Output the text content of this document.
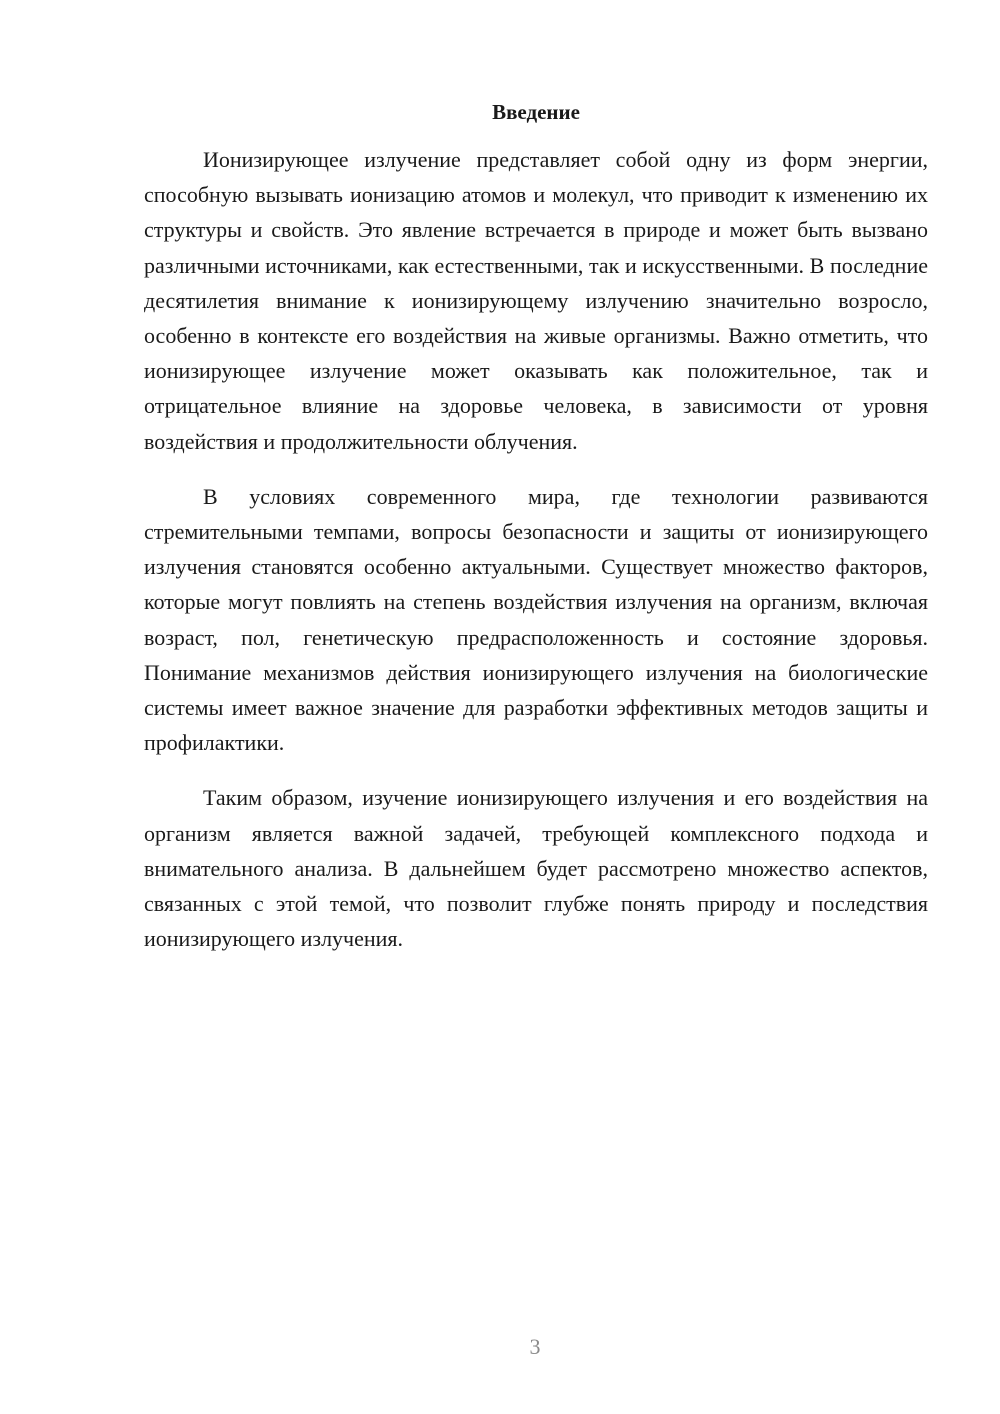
Введение

Ионизирующее излучение представляет собой одну из форм энергии, способную вызывать ионизацию атомов и молекул, что приводит к изменению их структуры и свойств. Это явление встречается в природе и может быть вызвано различными источниками, как естественными, так и искусственными. В последние десятилетия внимание к ионизирующему излучению значительно возросло, особенно в контексте его воздействия на живые организмы. Важно отметить, что ионизирующее излучение может оказывать как положительное, так и отрицательное влияние на здоровье человека, в зависимости от уровня воздействия и продолжительности облучения.

В условиях современного мира, где технологии развиваются стремительными темпами, вопросы безопасности и защиты от ионизирующего излучения становятся особенно актуальными. Существует множество факторов, которые могут повлиять на степень воздействия излучения на организм, включая возраст, пол, генетическую предрасположенность и состояние здоровья. Понимание механизмов действия ионизирующего излучения на биологические системы имеет важное значение для разработки эффективных методов защиты и профилактики.

Таким образом, изучение ионизирующего излучения и его воздействия на организм является важной задачей, требующей комплексного подхода и внимательного анализа. В дальнейшем будет рассмотрено множество аспектов, связанных с этой темой, что позволит глубже понять природу и последствия ионизирующего излучения.

3
